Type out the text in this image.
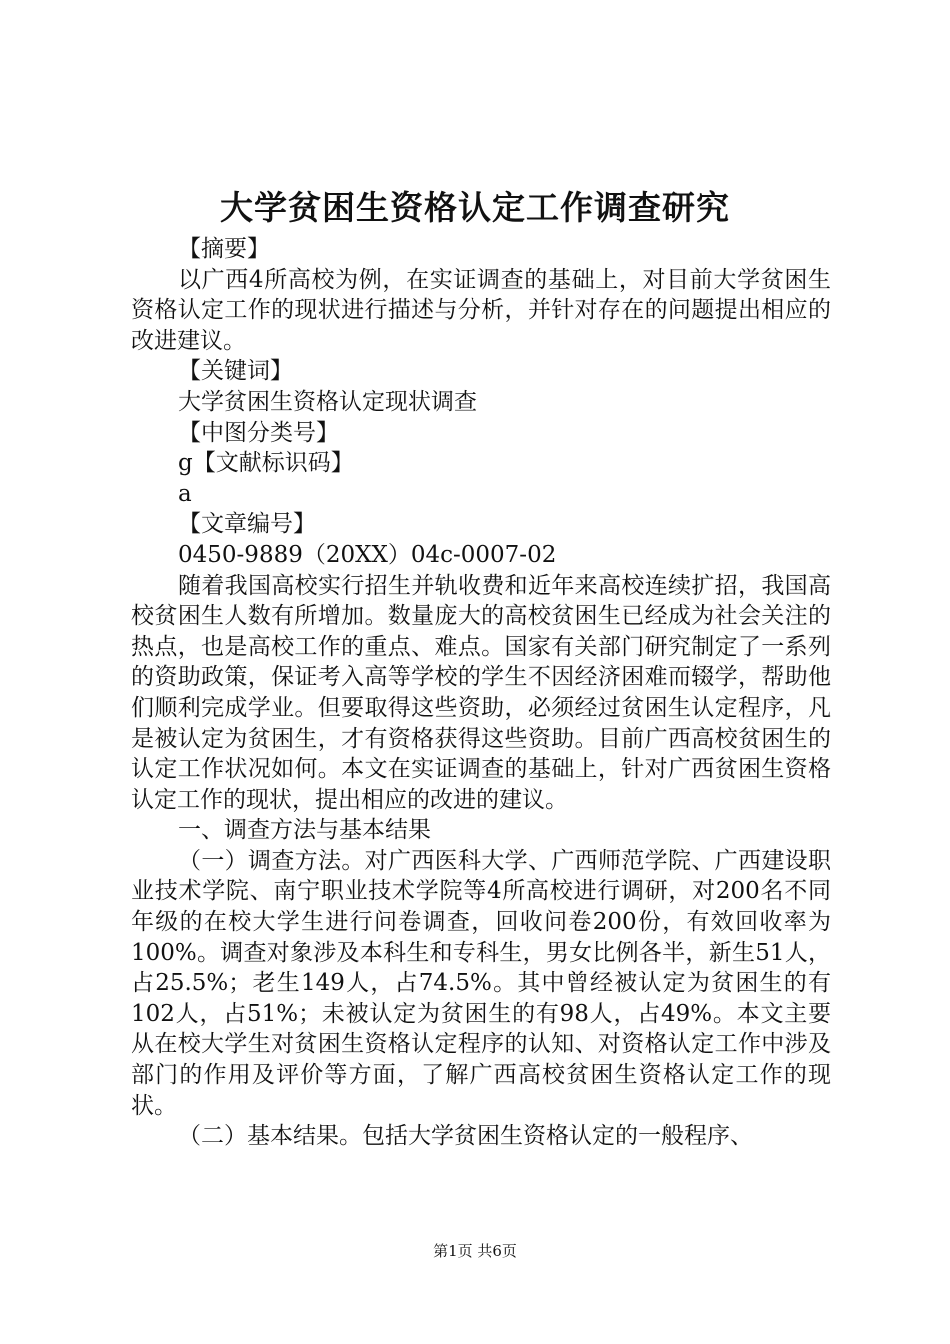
大学贫困生资格认定工作调查研究

【摘要】

以广西4所高校为例，在实证调查的基础上，对目前大学贫困生资格认定工作的现状进行描述与分析，并针对存在的问题提出相应的改进建议。

【关键词】

大学贫困生资格认定现状调查

【中图分类号】

g【文献标识码】

a

【文章编号】

0450-9889（20XX）04c-0007-02

随着我国高校实行招生并轨收费和近年来高校连续扩招，我国高校贫困生人数有所增加。数量庞大的高校贫困生已经成为社会关注的热点，也是高校工作的重点、难点。国家有关部门研究制定了一系列的资助政策，保证考入高等学校的学生不因经济困难而辍学，帮助他们顺利完成学业。但要取得这些资助，必须经过贫困生认定程序，凡是被认定为贫困生，才有资格获得这些资助。目前广西高校贫困生的认定工作状况如何。本文在实证调查的基础上，针对广西贫困生资格认定工作的现状，提出相应的改进的建议。

一、调查方法与基本结果

（一）调查方法。对广西医科大学、广西师范学院、广西建设职业技术学院、南宁职业技术学院等4所高校进行调研，对200名不同年级的在校大学生进行问卷调查，回收问卷200份，有效回收率为100%。调查对象涉及本科生和专科生，男女比例各半，新生51人，占25.5%；老生149人，占74.5%。其中曾经被认定为贫困生的有102人，占51%；未被认定为贫困生的有98人，占49%。本文主要从在校大学生对贫困生资格认定程序的认知、对资格认定工作中涉及部门的作用及评价等方面，了解广西高校贫困生资格认定工作的现状。

（二）基本结果。包括大学贫困生资格认定的一般程序、

第1页 共6页
